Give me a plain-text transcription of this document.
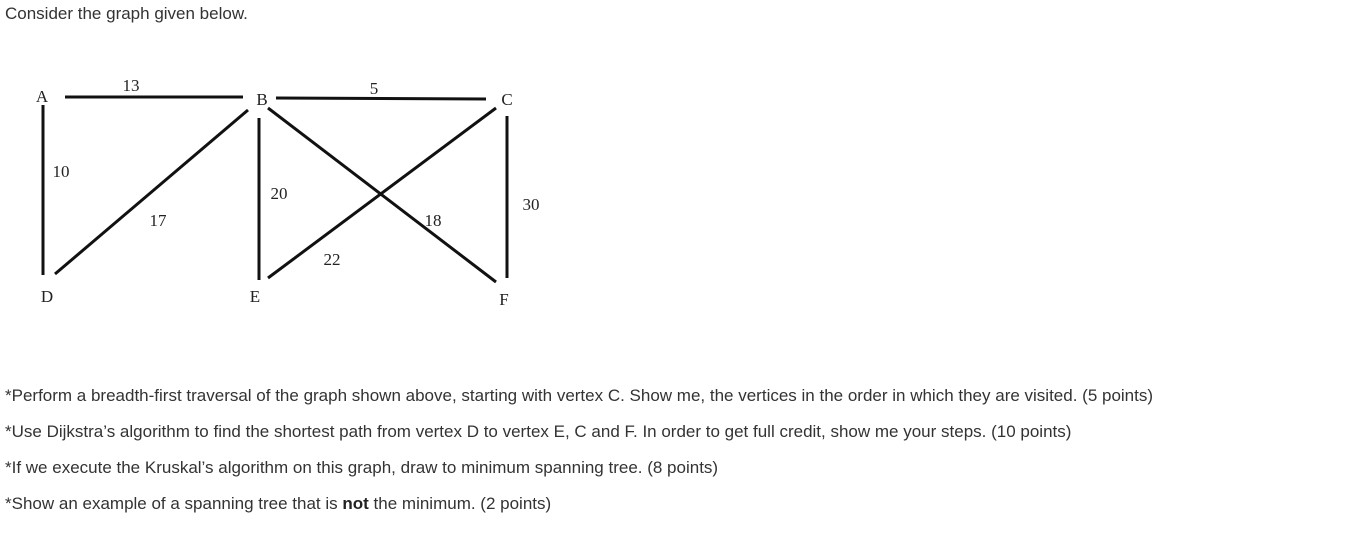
Consider the graph given below.

A	B	C
D	E	F
13	5
10
17
20
22
18
30
*Perform a breadth-first traversal of the graph shown above, starting with vertex C. Show me, the vertices in the order in which they are visited. (5 points)
*Use Dijkstra’s algorithm to find the shortest path from vertex D to vertex E, C and F. In order to get full credit, show me your steps. (10 points)
*If we execute the Kruskal’s algorithm on this graph, draw to minimum spanning tree. (8 points)
*Show an example of a spanning tree that is not the minimum. (2 points)
